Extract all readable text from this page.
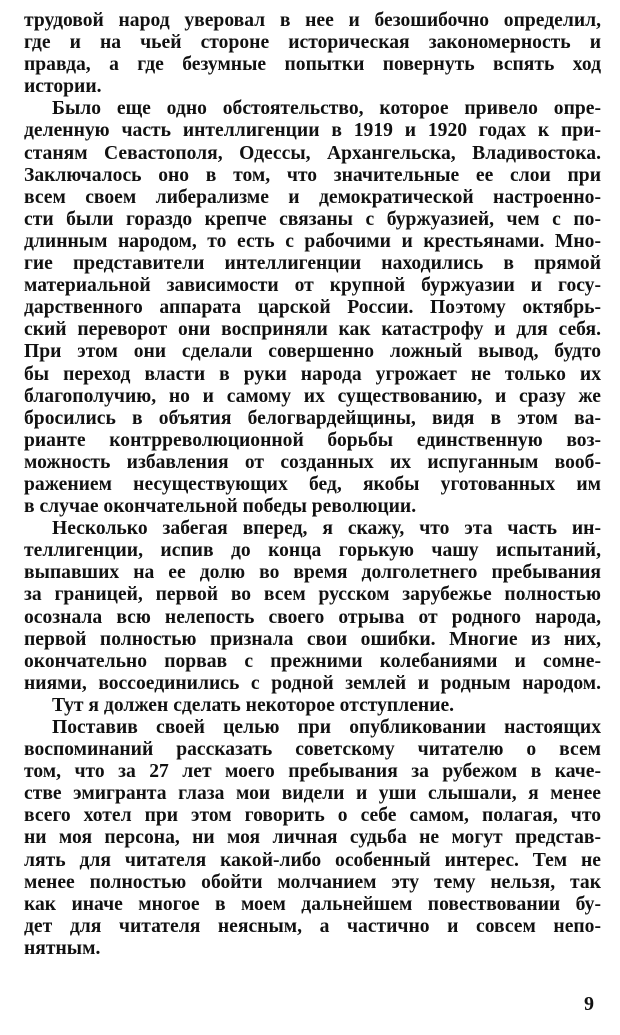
трудовой народ уверовал в нее и безошибочно определил,
где и на чьей стороне историческая закономерность и
правда, а где безумные попытки повернуть вспять ход
истории.
Было еще одно обстоятельство, которое привело опре-
деленную часть интеллигенции в 1919 и 1920 годах к при-
станям Севастополя, Одессы, Архангельска, Владивостока.
Заключалось оно в том, что значительные ее слои при
всем своем либерализме и демократической настроенно-
сти были гораздо крепче связаны с буржуазией, чем с по-
длинным народом, то есть с рабочими и крестьянами. Мно-
гие представители интеллигенции находились в прямой
материальной зависимости от крупной буржуазии и госу-
дарственного аппарата царской России. Поэтому октябрь-
ский переворот они восприняли как катастрофу и для себя.
При этом они сделали совершенно ложный вывод, будто
бы переход власти в руки народа угрожает не только их
благополучию, но и самому их существованию, и сразу же
бросились в объятия белогвардейщины, видя в этом ва-
рианте контрреволюционной борьбы единственную воз-
можность избавления от созданных их испуганным вооб-
ражением несуществующих бед, якобы уготованных им
в случае окончательной победы революции.
Несколько забегая вперед, я скажу, что эта часть ин-
теллигенции, испив до конца горькую чашу испытаний,
выпавших на ее долю во время долголетнего пребывания
за границей, первой во всем русском зарубежье полностью
осознала всю нелепость своего отрыва от родного народа,
первой полностью признала свои ошибки. Многие из них,
окончательно порвав с прежними колебаниями и сомне-
ниями, воссоединились с родной землей и родным народом.
Тут я должен сделать некоторое отступление.
Поставив своей целью при опубликовании настоящих
воспоминаний рассказать советскому читателю о всем
том, что за 27 лет моего пребывания за рубежом в каче-
стве эмигранта глаза мои видели и уши слышали, я менее
всего хотел при этом говорить о себе самом, полагая, что
ни моя персона, ни моя личная судьба не могут представ-
лять для читателя какой-либо особенный интерес. Тем не
менее полностью обойти молчанием эту тему нельзя, так
как иначе многое в моем дальнейшем повествовании бу-
дет для читателя неясным, а частично и совсем непо-
нятным.
9
